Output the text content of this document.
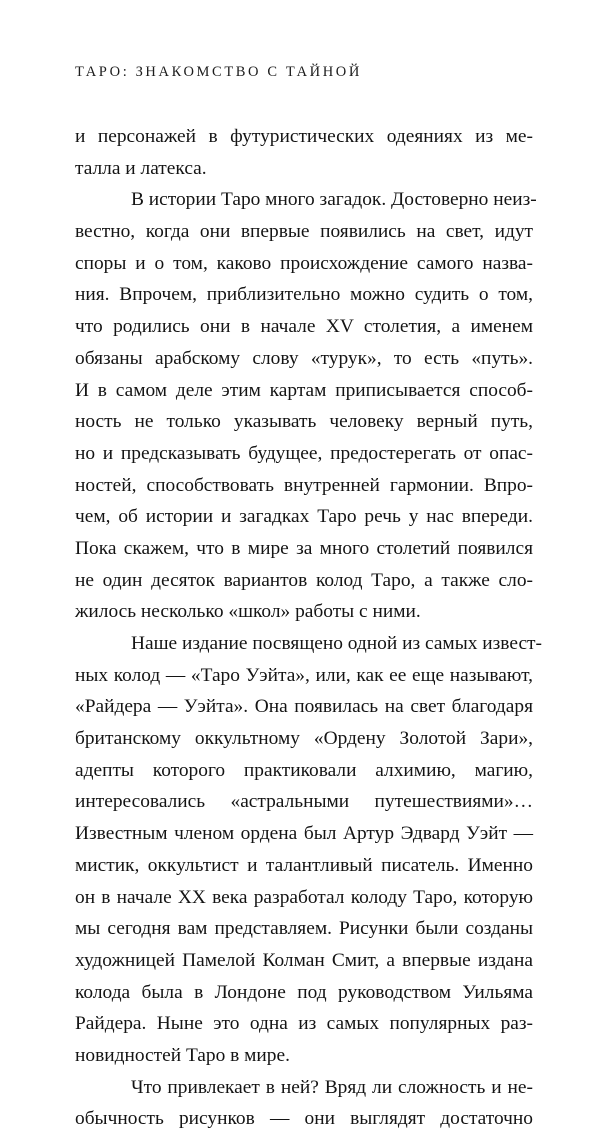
ТАРО: ЗНАКОМСТВО С ТАЙНОЙ
и персонажей в футуристических одеяниях из ме-
талла и латекса.
В истории Таро много загадок. Достоверно неиз-
вестно, когда они впервые появились на свет, идут
споры и о том, каково происхождение самого назва-
ния. Впрочем, приблизительно можно судить о том,
что родились они в начале XV столетия, а именем
обязаны арабскому слову «турук», то есть «путь».
И в самом деле этим картам приписывается способ-
ность не только указывать человеку верный путь,
но и предсказывать будущее, предостерегать от опас-
ностей, способствовать внутренней гармонии. Впро-
чем, об истории и загадках Таро речь у нас впереди.
Пока скажем, что в мире за много столетий появился
не один десяток вариантов колод Таро, а также сло-
жилось несколько «школ» работы с ними.
Наше издание посвящено одной из самых извест-
ных колод — «Таро Уэйта», или, как ее еще называют,
«Райдера — Уэйта». Она появилась на свет благодаря
британскому оккультному «Ордену Золотой Зари»,
адепты которого практиковали алхимию, магию,
интересовались «астральными путешествиями»…
Известным членом ордена был Артур Эдвард Уэйт —
мистик, оккультист и талантливый писатель. Именно
он в начале XX века разработал колоду Таро, которую
мы сегодня вам представляем. Рисунки были созданы
художницей Памелой Колман Смит, а впервые издана
колода была в Лондоне под руководством Уильяма
Райдера. Ныне это одна из самых популярных раз-
новидностей Таро в мире.
Что привлекает в ней? Вряд ли сложность и не-
обычность рисунков — они выглядят достаточно
